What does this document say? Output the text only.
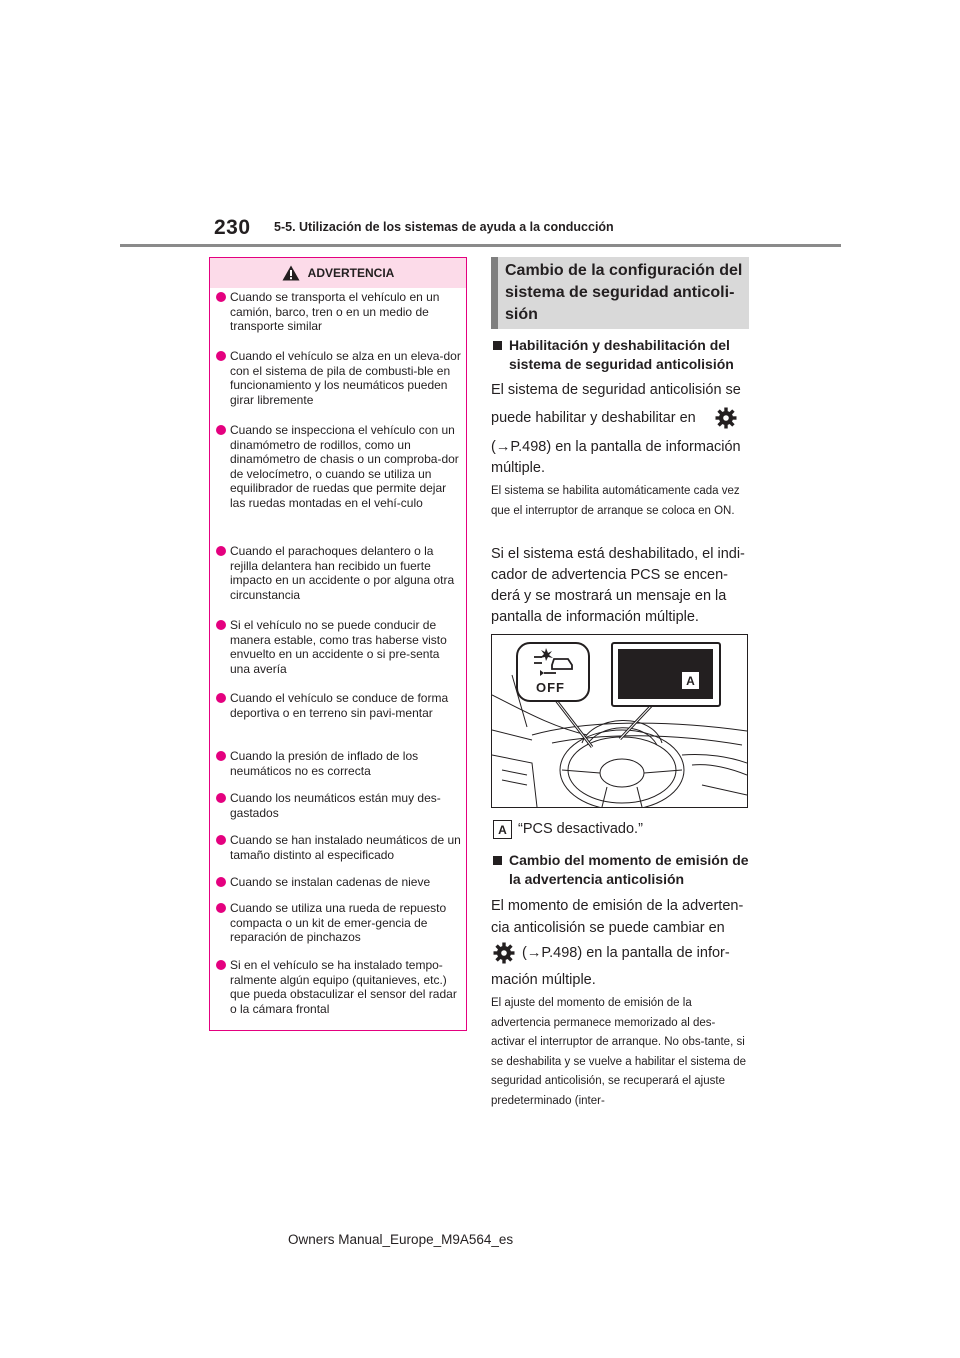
230 5-5. Utilización de los sistemas de ayuda a la conducción
ADVERTENCIA
Cuando se transporta el vehículo en un camión, barco, tren o en un medio de transporte similar
Cuando el vehículo se alza en un eleva-dor con el sistema de pila de combusti-ble en funcionamiento y los neumáticos pueden girar libremente
Cuando se inspecciona el vehículo con un dinamómetro de rodillos, como un dinamómetro de chasis o un comproba-dor de velocímetro, o cuando se utiliza un equilibrador de ruedas que permite dejar las ruedas montadas en el vehí-culo
Cuando el parachoques delantero o la rejilla delantera han recibido un fuerte impacto en un accidente o por alguna otra circunstancia
Si el vehículo no se puede conducir de manera estable, como tras haberse visto envuelto en un accidente o si pre-senta una avería
Cuando el vehículo se conduce de forma deportiva o en terreno sin pavi-mentar
Cuando la presión de inflado de los neumáticos no es correcta
Cuando los neumáticos están muy des-gastados
Cuando se han instalado neumáticos de un tamaño distinto al especificado
Cuando se instalan cadenas de nieve
Cuando se utiliza una rueda de repuesto compacta o un kit de emer-gencia de reparación de pinchazos
Si en el vehículo se ha instalado tempo-ralmente algún equipo (quitanieves, etc.) que pueda obstaculizar el sensor del radar o la cámara frontal
Cambio de la configuración del sistema de seguridad anticoli-sión
Habilitación y deshabilitación del sistema de seguridad anticolisión
El sistema de seguridad anticolisión se
puede habilitar y deshabilitar en
(→P.498) en la pantalla de información
múltiple.
El sistema se habilita automáticamente cada vez que el interruptor de arranque se coloca en ON.
Si el sistema está deshabilitado, el indi-cador de advertencia PCS se encen-derá y se mostrará un mensaje en la pantalla de información múltiple.
OFF	A
A “PCS desactivado.”
Cambio del momento de emisión de la advertencia anticolisión
El momento de emisión de la adverten-
cia anticolisión se puede cambiar en
(→P.498) en la pantalla de infor-
mación múltiple.
El ajuste del momento de emisión de la advertencia permanece memorizado al des-activar el interruptor de arranque. No obs-tante, si se deshabilita y se vuelve a habilitar el sistema de seguridad anticolisión, se recuperará el ajuste predeterminado (inter-
Owners Manual_Europe_M9A564_es
